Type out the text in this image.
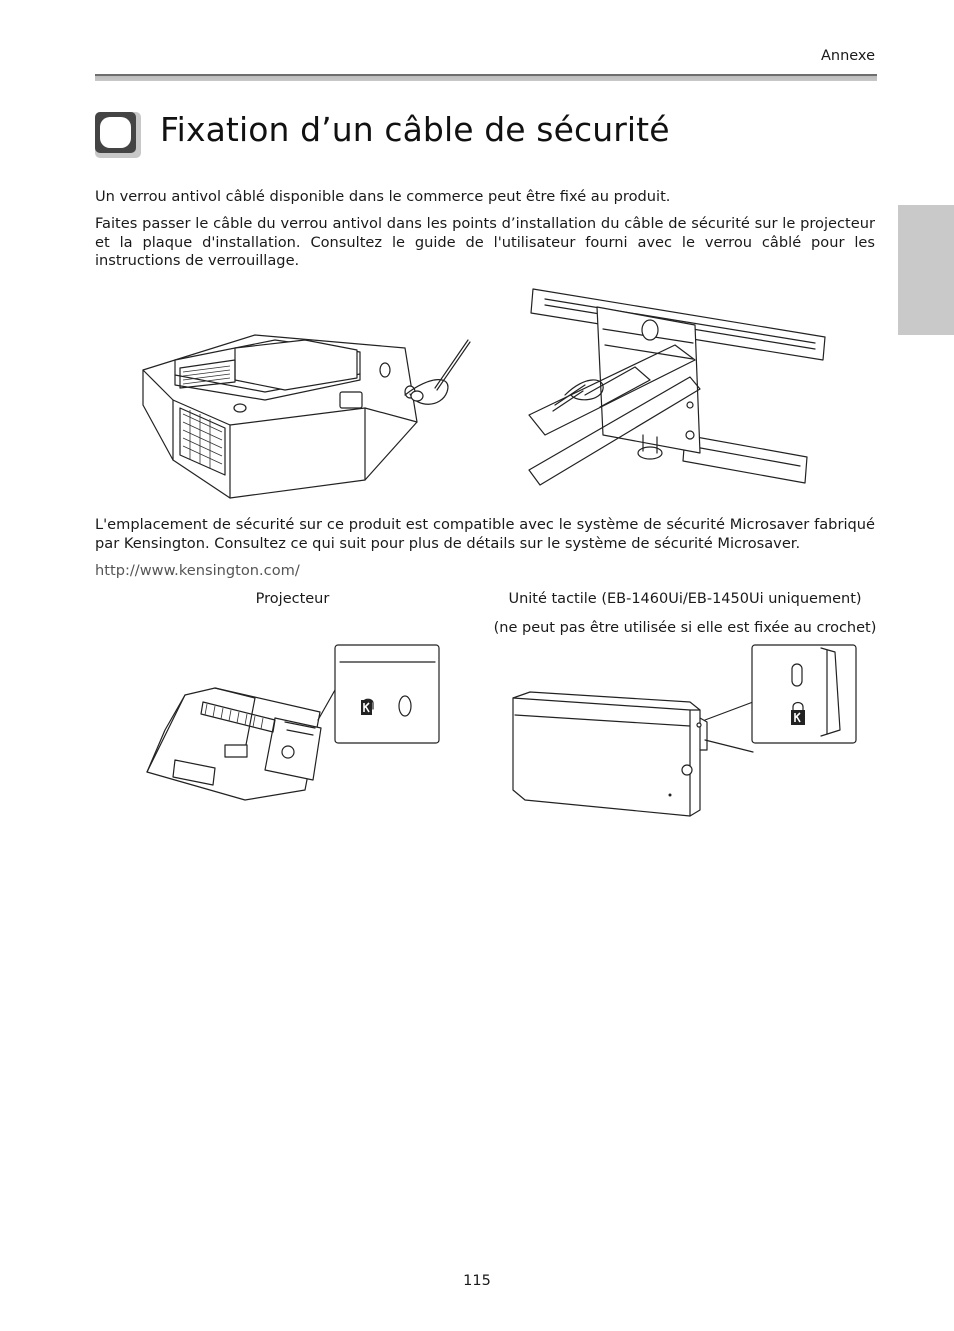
Annexe
Fixation d’un câble de sécurité

Un verrou antivol câblé disponible dans le commerce peut être fixé au produit.

Faites passer le câble du verrou antivol dans les points d’installation du câble de sécurité sur le projecteur et la plaque d'installation. Consultez le guide de l'utilisateur fourni avec le verrou câblé pour les instructions de verrouillage.

L'emplacement de sécurité sur ce produit est compatible avec le système de sécurité Microsaver fabriqué par Kensington. Consultez ce qui suit pour plus de détails sur le système de sécurité Microsaver.

http://www.kensington.com/
Projecteur	Unité tactile (EB-1460Ui/EB-1450Ui uniquement)
(ne peut pas être utilisée si elle est fixée au crochet)
115
